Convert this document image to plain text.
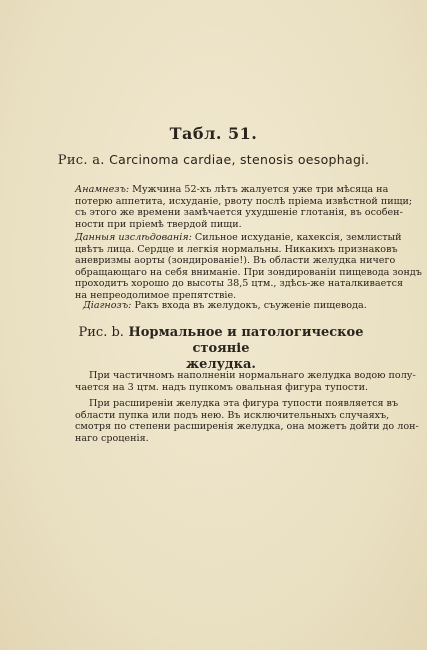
Табл. 51.
Рис. а. Carcinoma cardiae, stenosis oesophagi.
Анамнезъ: Мужчина 52-хъ лѣтъ жалуется уже три мѣсяца на
потерю аппетита, исхуданіе, рвоту послѣ пріема извѣстной пищи;
съ этого же времени замѣчается ухудшеніе глотанія, въ особен-
ности при пріемѣ твердой пищи.
Данныя изслѣдованія: Сильное исхуданіе, кахексія, землистый
цвѣтъ лица. Сердце и легкія нормальны. Никакихъ признаковъ
аневризмы аорты (зондированіе!). Въ области желудка ничего
обращающаго на себя вниманіе. При зондированіи пищевода зондъ
проходитъ хорошо до высоты 38,5 цтм., здѣсь-же наталкивается
на непреодолимое препятствіе.
Діагнозъ: Ракъ входа въ желудокъ, съуженіе пищевода.
Рис. b. Нормальное и патологическое стояніе
желудка.
При частичномъ наполненіи нормальнаго желудка водою полу-
чается на 3 цтм. надъ пупкомъ овальная фигура тупости.
При расширеніи желудка эта фигура тупости появляется въ
области пупка или подъ нею. Въ исключительныхъ случаяхъ,
смотря по степени расширенія желудка, она можетъ дойти до лон-
наго сроценія.
